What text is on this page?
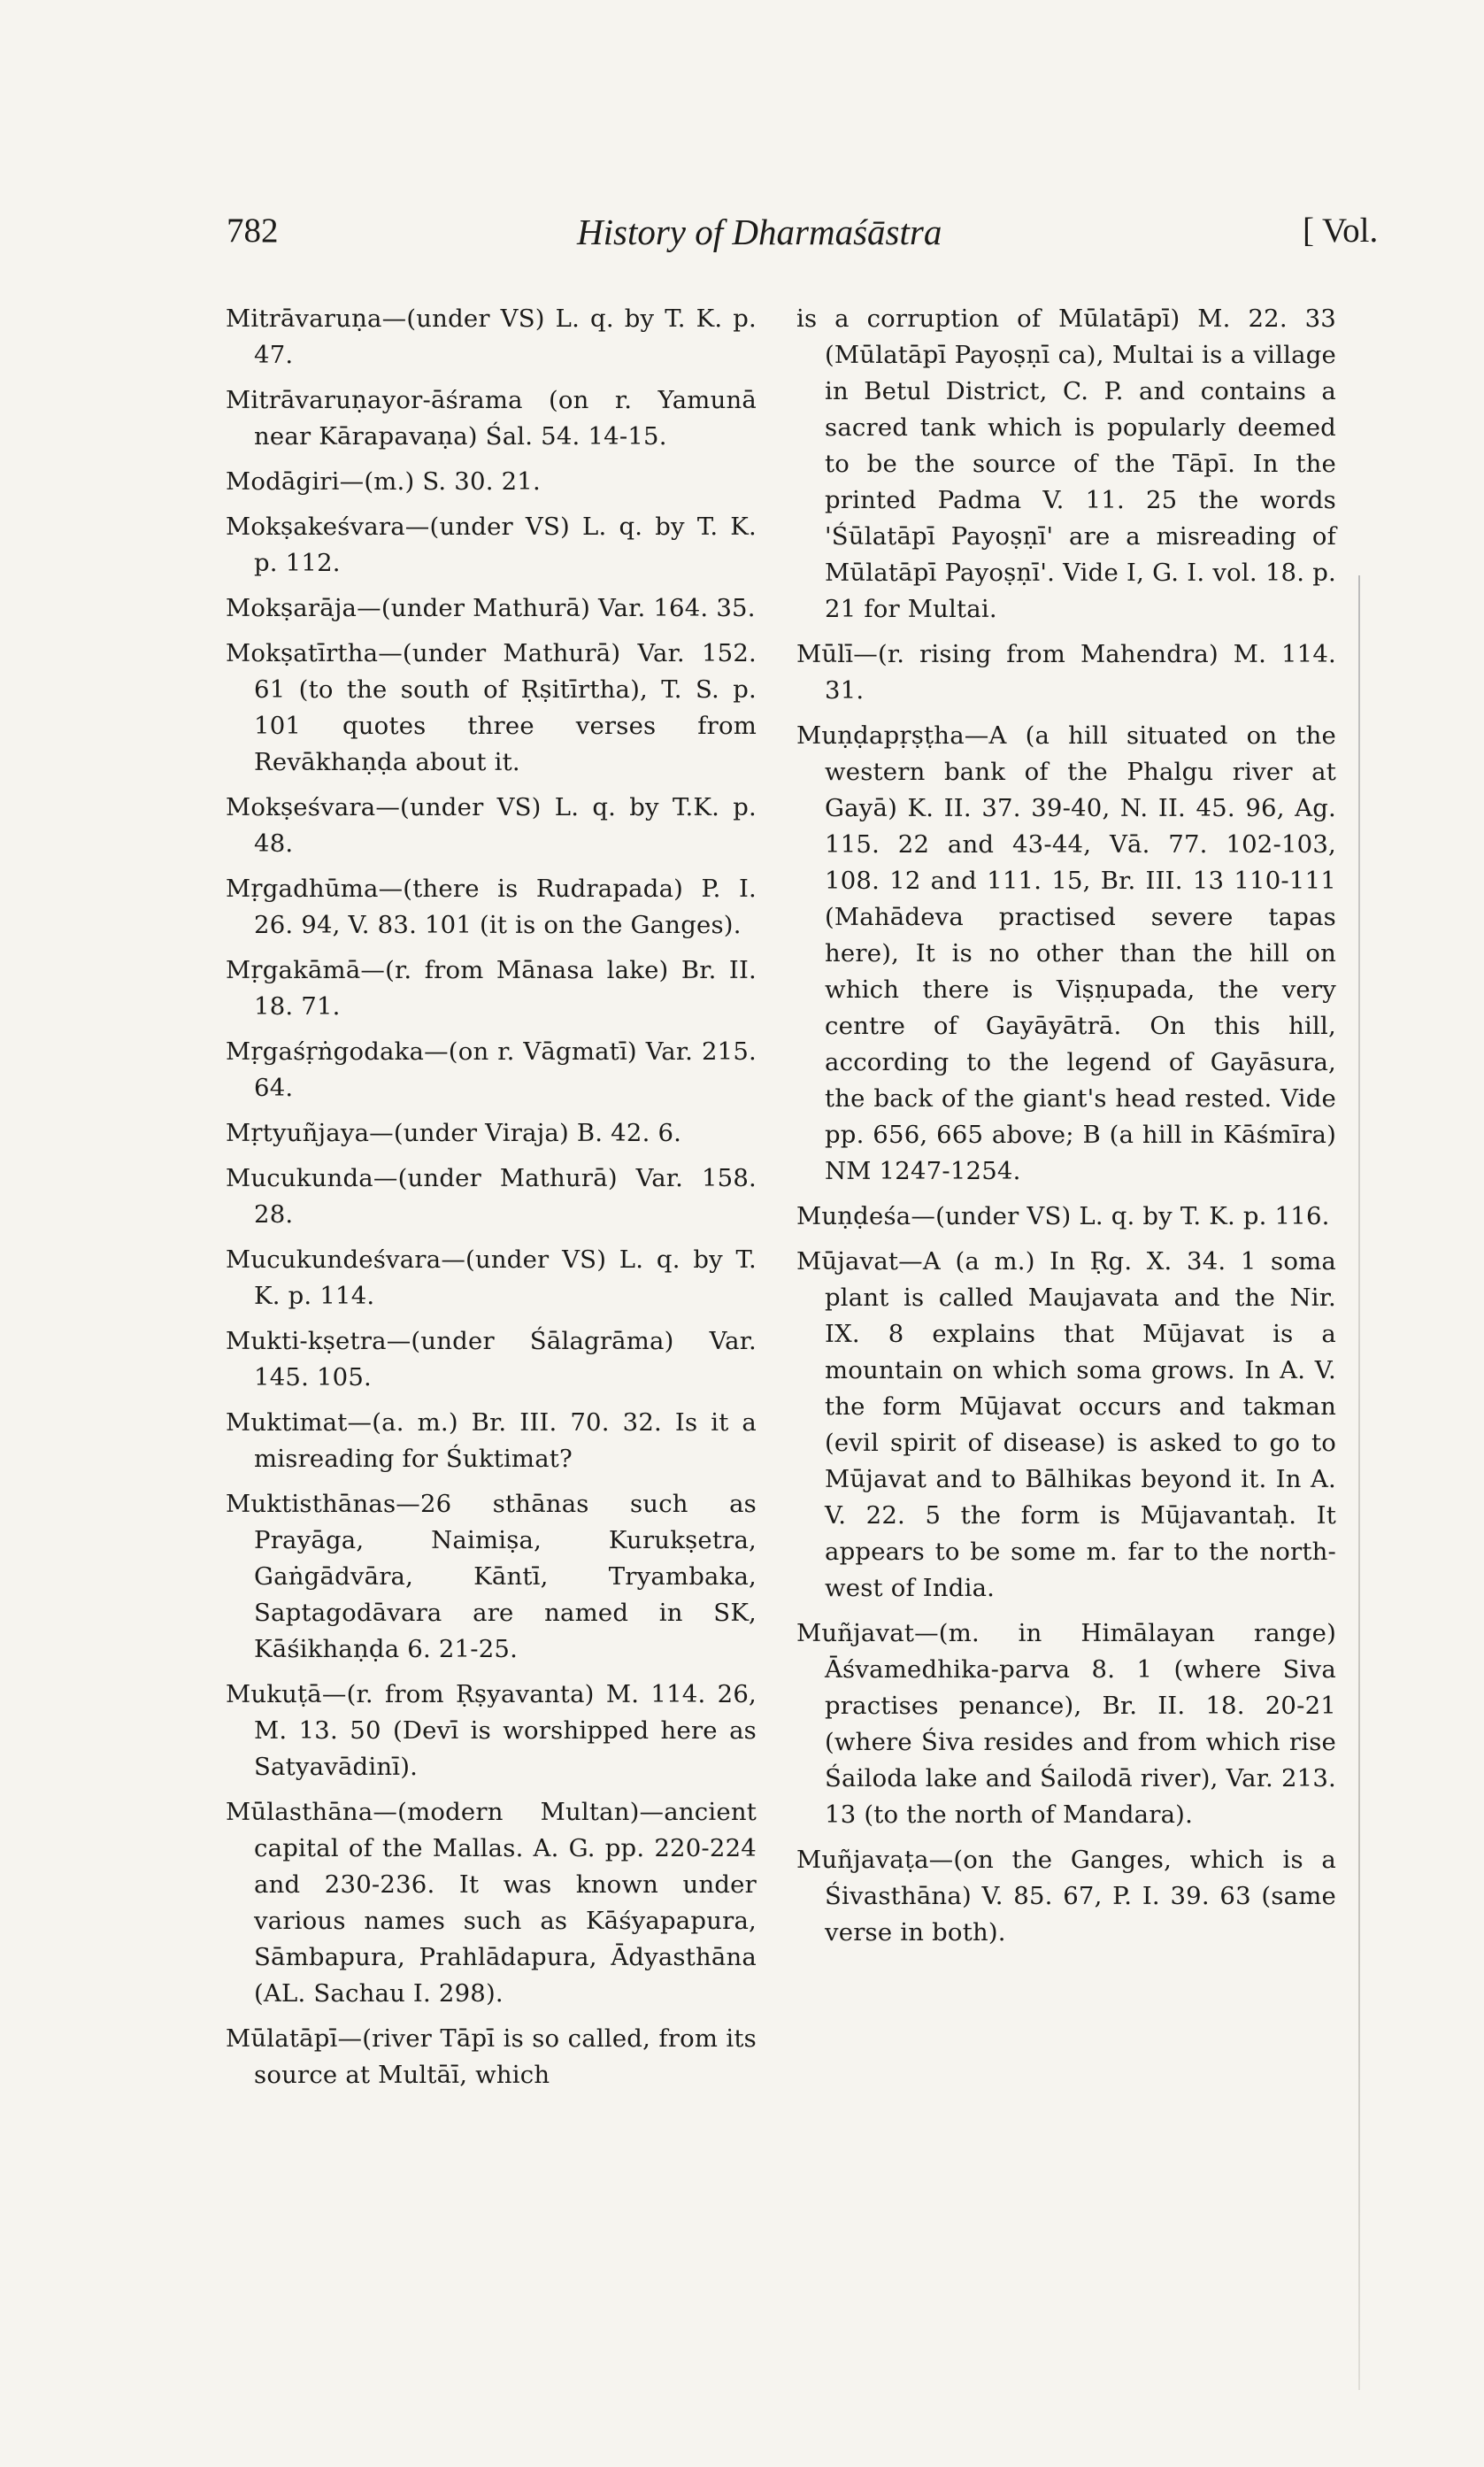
782	History of Dharmaśāstra	[ Vol.
Mitrāvaruṇa—(under VS) L. q. by T. K. p. 47.
Mitrāvaruṇayor-āśrama (on r. Yamunā near Kārapavaṇa) Śal. 54. 14-15.
Modāgiri—(m.) S. 30. 21.
Mokṣakeśvara—(under VS) L. q. by T. K. p. 112.
Mokṣarāja—(under Mathurā) Var. 164. 35.
Mokṣatīrtha—(under Mathurā) Var. 152. 61 (to the south of Ṛṣitīrtha), T. S. p. 101 quotes three verses from Revākhaṇḍa about it.
Mokṣeśvara—(under VS) L. q. by T.K. p. 48.
Mṛgadhūma—(there is Rudrapada) P. I. 26. 94, V. 83. 101 (it is on the Ganges).
Mṛgakāmā—(r. from Mānasa lake) Br. II. 18. 71.
Mṛgaśṛṅgodaka—(on r. Vāgmatī) Var. 215. 64.
Mṛtyuñjaya—(under Viraja) B. 42. 6.
Mucukunda—(under Mathurā) Var. 158. 28.
Mucukundeśvara—(under VS) L. q. by T. K. p. 114.
Mukti-kṣetra—(under Śālagrāma) Var. 145. 105.
Muktimat—(a. m.) Br. III. 70. 32. Is it a misreading for Śuktimat?
Muktisthānas—26 sthānas such as Prayāga, Naimiṣa, Kurukṣetra, Gaṅgādvāra, Kāntī, Tryambaka, Saptagodāvara are named in SK, Kāśikhaṇḍa 6. 21-25.
Mukuṭā—(r. from Ṛṣyavanta) M. 114. 26, M. 13. 50 (Devī is worshipped here as Satyavādinī).
Mūlasthāna—(modern Multan)—ancient capital of the Mallas. A. G. pp. 220-224 and 230-236. It was known under various names such as Kāśyapapura, Sāmbapura, Prahlādapura, Ādyasthāna (AL. Sachau I. 298).
Mūlatāpī—(river Tāpī is so called, from its source at Multāī, which
is a corruption of Mūlatāpī) M. 22. 33 (Mūlatāpī Payoṣṇī ca), Multai is a village in Betul District, C. P. and contains a sacred tank which is popularly deemed to be the source of the Tāpī. In the printed Padma V. 11. 25 the words 'Śūlatāpī Payoṣṇī' are a misreading of Mūlatāpī Payoṣṇī'. Vide I, G. I. vol. 18. p. 21 for Multai.
Mūlī—(r. rising from Mahendra) M. 114. 31.
Muṇḍapṛṣṭha—A (a hill situated on the western bank of the Phalgu river at Gayā) K. II. 37. 39-40, N. II. 45. 96, Ag. 115. 22 and 43-44, Vā. 77. 102-103, 108. 12 and 111. 15, Br. III. 13 110-111 (Mahādeva practised severe tapas here), It is no other than the hill on which there is Viṣṇupada, the very centre of Gayāyātrā. On this hill, according to the legend of Gayāsura, the back of the giant's head rested. Vide pp. 656, 665 above; B (a hill in Kāśmīra) NM 1247-1254.
Muṇḍeśa—(under VS) L. q. by T. K. p. 116.
Mūjavat—A (a m.) In Ṛg. X. 34. 1 soma plant is called Maujavata and the Nir. IX. 8 explains that Mūjavat is a mountain on which soma grows. In A. V. the form Mūjavat occurs and takman (evil spirit of disease) is asked to go to Mūjavat and to Bālhikas beyond it. In A. V. 22. 5 the form is Mūjavantaḥ. It appears to be some m. far to the north-west of India.
Muñjavat—(m. in Himālayan range) Āśvamedhika-parva 8. 1 (where Siva practises penance), Br. II. 18. 20-21 (where Śiva resides and from which rise Śailoda lake and Śailodā river), Var. 213. 13 (to the north of Mandara).
Muñjavaṭa—(on the Ganges, which is a Śivasthāna) V. 85. 67, P. I. 39. 63 (same verse in both).
